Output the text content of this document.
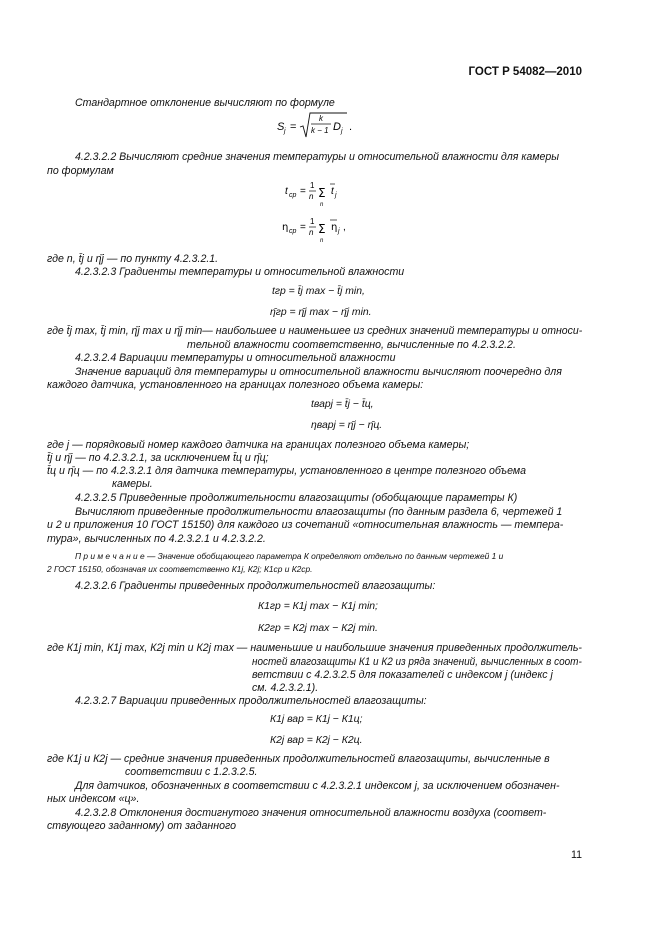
ГОСТ Р 54082—2010
Стандартное отклонение вычисляют по формуле
S j =
k
k − 1 D j .
4.2.3.2.2 Вычисляют средние значения температуры и относительной влажности для камеры
по формулам
t ср =
1
n Σ
n
t j
η ср =
1
n Σ
n
η j ,
где n, t̄j и η̄j — по пункту 4.2.3.2.1.
4.2.3.2.3 Градиенты температуры и относительной влажности
tгр = t̄j max − t̄j min,
η̄гр = η̄j max − η̄j min.
где t̄j max, t̄j min, η̄j max и η̄j min— наибольшее и наименьшее из средних значений температуры и относи-
тельной влажности соответственно, вычисленные по 4.2.3.2.2.
4.2.3.2.4 Вариации температуры и относительной влажности
Значение вариаций для температуры и относительной влажности вычисляют поочередно для
каждого датчика, установленного на границах полезного объема камеры:
tварj = t̄j − t̄ц,
ηварj = η̄j − η̄ц.
где j — порядковый номер каждого датчика на границах полезного объема камеры;
t̄j и η̄j — по 4.2.3.2.1, за исключением t̄ц и η̄ц;
t̄ц и η̄ц — по 4.2.3.2.1 для датчика температуры, установленного в центре полезного объема
камеры.
4.2.3.2.5 Приведенные продолжительности влагозащиты (обобщающие параметры К)
Вычисляют приведенные продолжительности влагозащиты (по данным раздела 6, чертежей 1
и 2 и приложения 10 ГОСТ 15150) для каждого из сочетаний «относительная влажность — темпера-
тура», вычисленных по 4.2.3.2.1 и 4.2.3.2.2.
П р и м е ч а н и е — Значение обобщающего параметра К определяют отдельно по данным чертежей 1 и
2 ГОСТ 15150, обозначая их соответственно К1j, К2j; К1ср и К2ср.
4.2.3.2.6 Градиенты приведенных продолжительностей влагозащиты:
К1гр = К1j max − К1j min;
К2гр = К2j max − К2j min.
где К1j min, К1j max, К2j min и К2j max — наименьшие и наибольшие значения приведенных продолжитель-
ностей влагозащиты К1 и К2 из ряда значений, вычисленных в соот-
ветствии с 4.2.3.2.5 для показателей с индексом j (индекс j
см. 4.2.3.2.1).
4.2.3.2.7 Вариации приведенных продолжительностей влагозащиты:
К1j вар = К1j − К1ц;
К2j вар = К2j − К2ц.
где К1j и К2j — средние значения приведенных продолжительностей влагозащиты, вычисленные в
соответствии с 1.2.3.2.5.
Для датчиков, обозначенных в соответствии с 4.2.3.2.1 индексом j, за исключением обозначен-
ных индексом «ц».
4.2.3.2.8 Отклонения достигнутого значения относительной влажности воздуха (соответ-
ствующего заданному) от заданного
11
